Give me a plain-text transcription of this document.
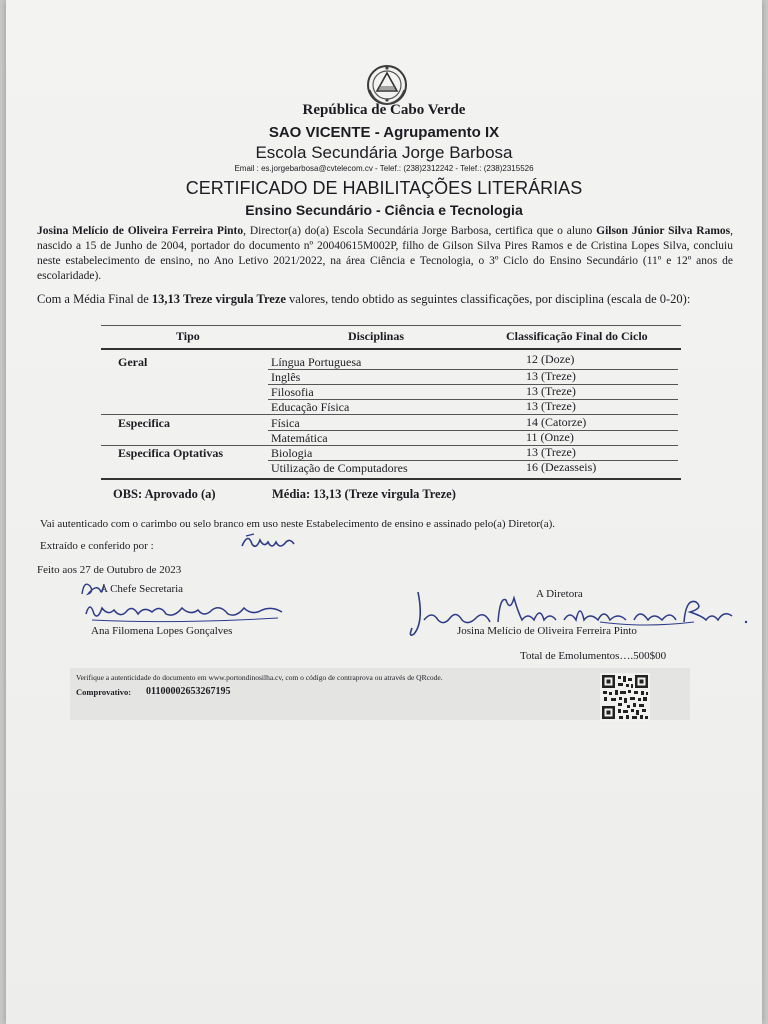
República de Cabo Verde
SAO VICENTE - Agrupamento IX
Escola Secundária Jorge Barbosa
Email : es.jorgebarbosa@cvtelecom.cv - Telef.: (238)2312242 - Telef.: (238)2315526
CERTIFICADO DE HABILITAÇÕES LITERÁRIAS
Ensino Secundário - Ciência e Tecnologia
Josina Melício de Oliveira Ferreira Pinto, Director(a) do(a) Escola Secundária Jorge Barbosa, certifica que o aluno Gilson Júnior Silva Ramos, nascido a 15 de Junho de 2004, portador do documento nº 20040615M002P, filho de Gilson Silva Pires Ramos e de Cristina Lopes Silva, concluiu neste estabelecimento de ensino, no Ano Letivo 2021/2022, na área Ciência e Tecnologia, o 3º Ciclo do Ensino Secundário (11º e 12º anos de escolaridade).
Com a Média Final de 13,13 Treze virgula Treze valores, tendo obtido as seguintes classificações, por disciplina (escala de 0-20):
Tipo	Disciplinas	Classificação Final do Ciclo
Geral	Língua Portuguesa	12 (Doze)
Inglês	13 (Treze)
Filosofia	13 (Treze)
Educação Física	13 (Treze)
Especifica	Física	14 (Catorze)
Matemática	11 (Onze)
Especifica Optativas	Biologia	13 (Treze)
Utilização de Computadores	16 (Dezasseis)
OBS: Aprovado (a)	Média: 13,13 (Treze virgula Treze)
Vai autenticado com o carimbo ou selo branco em uso neste Estabelecimento de ensino e assinado pelo(a) Diretor(a).
Extraído e conferido por :
Feito aos 27 de Outubro de 2023
A Chefe Secretaria
Ana Filomena Lopes Gonçalves
A Diretora
Josina Melício de Oliveira Ferreira Pinto
Total de Emolumentos….500$00
Verifique a autenticidade do documento em www.portondinosilha.cv, com o código de contraprova ou através de QRcode.
Comprovativo: 01100002653267195
